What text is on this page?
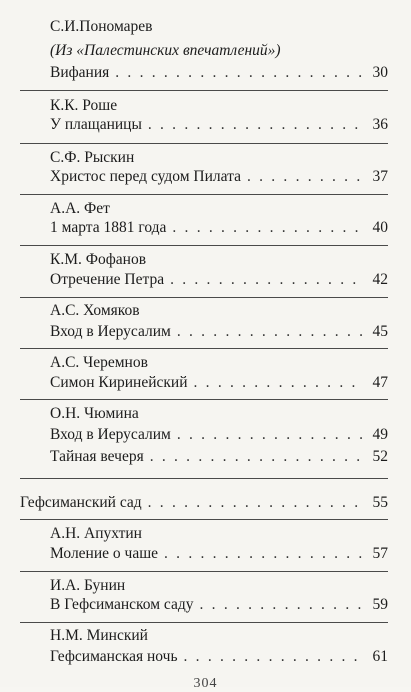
С.И.Пономарев
(Из «Палестинских впечатлений»)
Вифания . . .	30
К.К. Роше
У плащаницы . . .	36
С.Ф. Рыскин
Христос перед судом Пилата . . .	37
А.А. Фет
1 марта 1881 года . . .	40
К.М. Фофанов
Отречение Петра . . .	42
А.С. Хомяков
Вход в Иерусалим . . .	45
А.С. Черемнов
Симон Киринейский . . .	47
О.Н. Чюмина
Вход в Иерусалим . . .	49
Тайная вечеря . . .	52
Гефсиманский сад . . .	55
А.Н. Апухтин
Моление о чаше . . .	57
И.А. Бунин
В Гефсиманском саду . . .	59
Н.М. Минский
Гефсиманская ночь . . .	61
304
